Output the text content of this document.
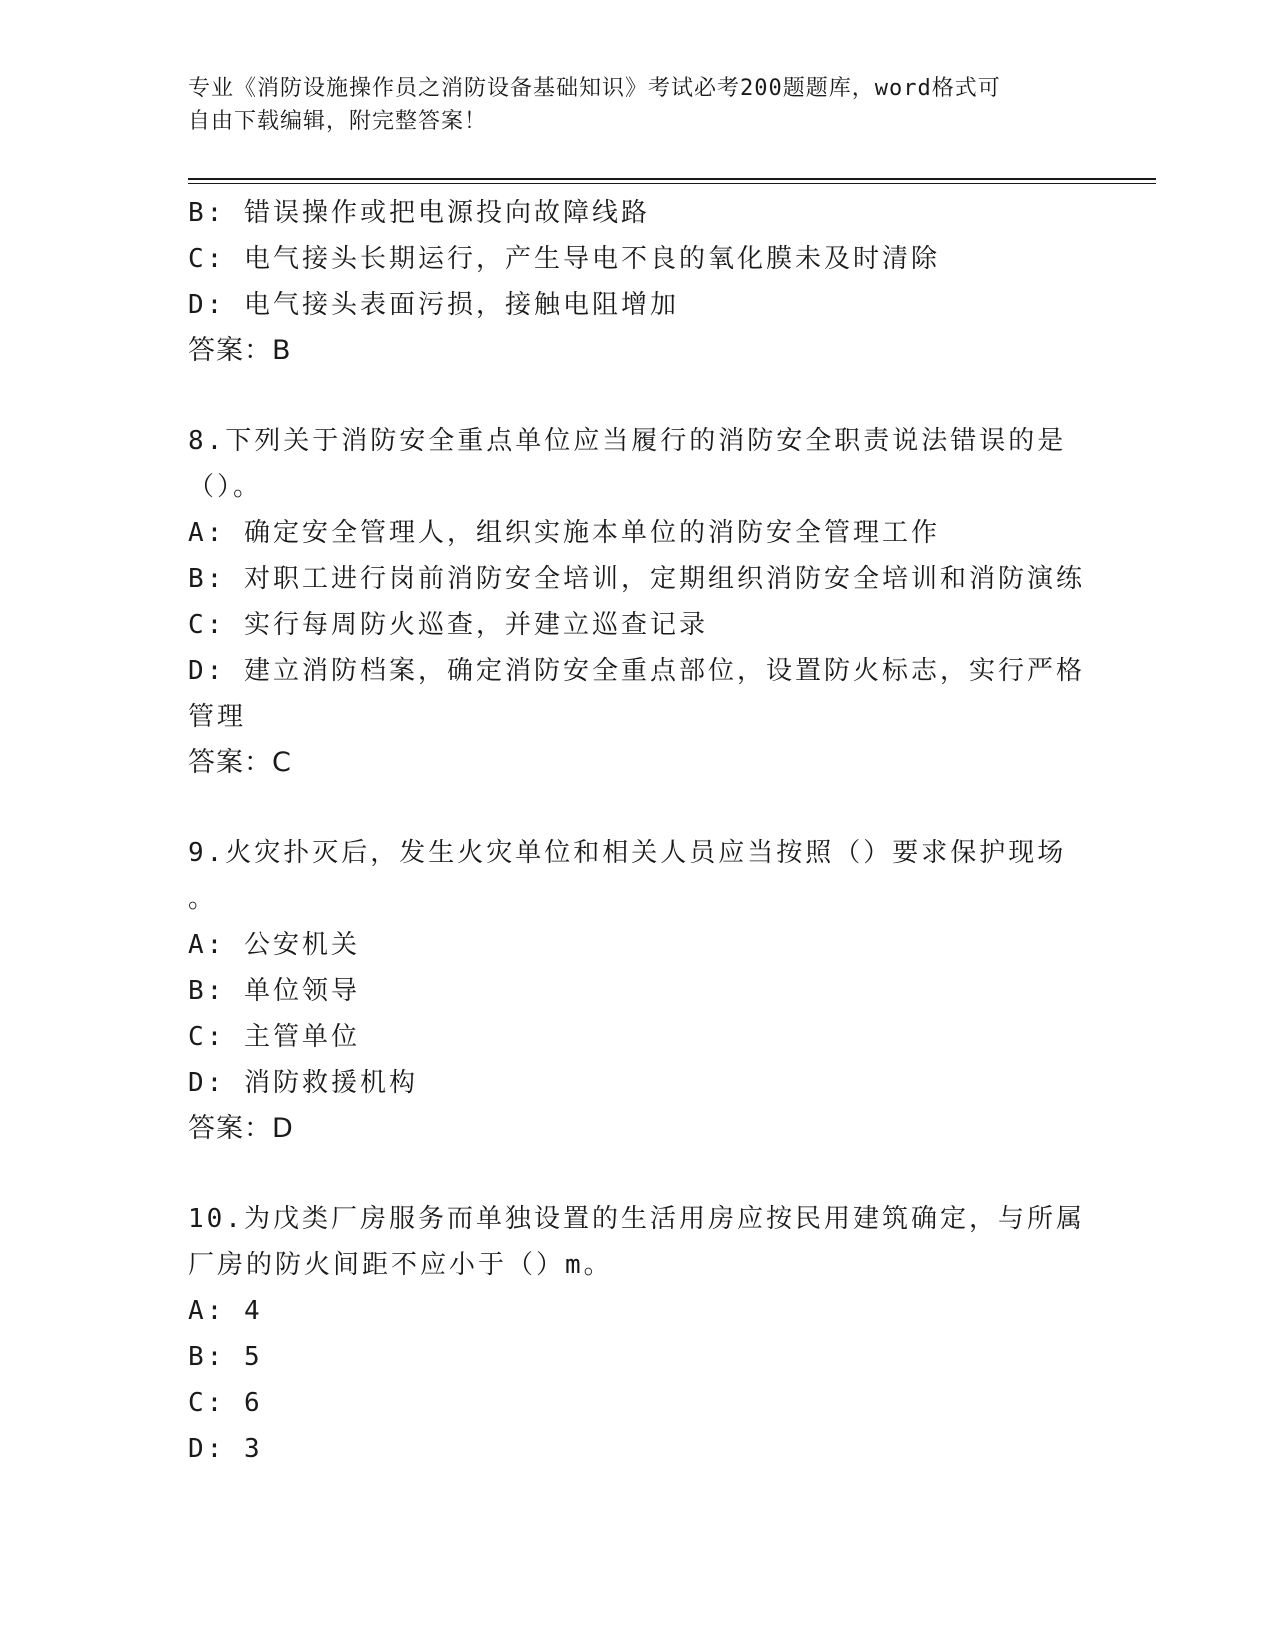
专业《消防设施操作员之消防设备基础知识》考试必考200题题库，word格式可
自由下载编辑，附完整答案！
B: 错误操作或把电源投向故障线路
C: 电气接头长期运行，产生导电不良的氧化膜未及时清除
D: 电气接头表面污损，接触电阻增加
答案：B
8.下列关于消防安全重点单位应当履行的消防安全职责说法错误的是
（）。
A: 确定安全管理人，组织实施本单位的消防安全管理工作
B: 对职工进行岗前消防安全培训，定期组织消防安全培训和消防演练
C: 实行每周防火巡查，并建立巡查记录
D: 建立消防档案，确定消防安全重点部位，设置防火标志，实行严格
管理
答案：C
9.火灾扑灭后，发生火灾单位和相关人员应当按照（）要求保护现场
。
A: 公安机关
B: 单位领导
C: 主管单位
D: 消防救援机构
答案：D
10.为戊类厂房服务而单独设置的生活用房应按民用建筑确定，与所属
厂房的防火间距不应小于（）m。
A: 4
B: 5
C: 6
D: 3
